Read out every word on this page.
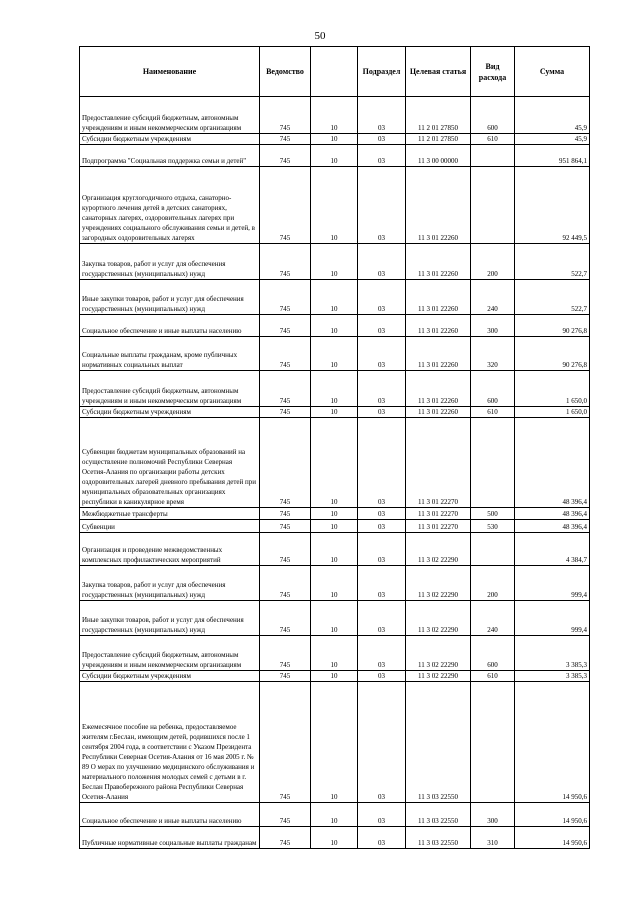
50
Наименование	Ведомство		Подраздел	Целевая статья	Вид расхода	Сумма
Предоставление субсидий бюджетным, автономным учреждениям и иным некоммерческим организациям	745	10	03	11 2 01 27850	600	45,9
Субсидии бюджетным учреждениям	745	10	03	11 2 01 27850	610	45,9
Подпрограмма "Социальная поддержка семьи и детей"	745	10	03	11 3 00 00000		951 864,1
Организация круглогодичного отдыха, санаторно-курортного лечения детей в детских санаториях, санаторных лагерях, оздоровительных лагерях при учреждениях социального обслуживания семьи и детей, в загородных оздоровительных лагерях	745	10	03	11 3 01 22260		92 449,5
Закупка товаров, работ и услуг для обеспечения государственных (муниципальных) нужд	745	10	03	11 3 01 22260	200	522,7
Иные закупки товаров, работ и услуг для обеспечения государственных (муниципальных) нужд	745	10	03	11 3 01 22260	240	522,7
Социальное обеспечение и иные выплаты населению	745	10	03	11 3 01 22260	300	90 276,8
Социальные выплаты гражданам, кроме публичных нормативных социальных выплат	745	10	03	11 3 01 22260	320	90 276,8
Предоставление субсидий бюджетным, автономным учреждениям и иным некоммерческим организациям	745	10	03	11 3 01 22260	600	1 650,0
Субсидии бюджетным учреждениям	745	10	03	11 3 01 22260	610	1 650,0
Субвенции бюджетам муниципальных образований на осуществление полномочий Республики Северная Осетия-Алания по организации работы детских оздоровительных лагерей дневного пребывания детей при муниципальных образовательных организациях республики в каникулярное время	745	10	03	11 3 01 22270		48 396,4
Межбюджетные трансферты	745	10	03	11 3 01 22270	500	48 396,4
Субвенции	745	10	03	11 3 01 22270	530	48 396,4
Организация и проведение межведомственных комплексных профилактических мероприятий	745	10	03	11 3 02 22290		4 384,7
Закупка товаров, работ и услуг для обеспечения государственных (муниципальных) нужд	745	10	03	11 3 02 22290	200	999,4
Иные закупки товаров, работ и услуг для обеспечения государственных (муниципальных) нужд	745	10	03	11 3 02 22290	240	999,4
Предоставление субсидий бюджетным, автономным учреждениям и иным некоммерческим организациям	745	10	03	11 3 02 22290	600	3 385,3
Субсидии бюджетным учреждениям	745	10	03	11 3 02 22290	610	3 385,3
Ежемесячное пособие на ребенка, предоставляемое жителям г.Беслан, имеющим детей, родившихся после 1 сентября 2004 года, в соответствии с Указом Президента Республики Северная Осетия-Алания от 16 мая 2005 г. № 89 О мерах по улучшению медицинского обслуживания и материального положения молодых семей с детьми в г. Беслан Правобережного района Республики Северная Осетия-Алания	745	10	03	11 3 03 22550		14 950,6
Социальное обеспечение и иные выплаты населению	745	10	03	11 3 03 22550	300	14 950,6
Публичные нормативные социальные выплаты гражданам	745	10	03	11 3 03 22550	310	14 950,6
